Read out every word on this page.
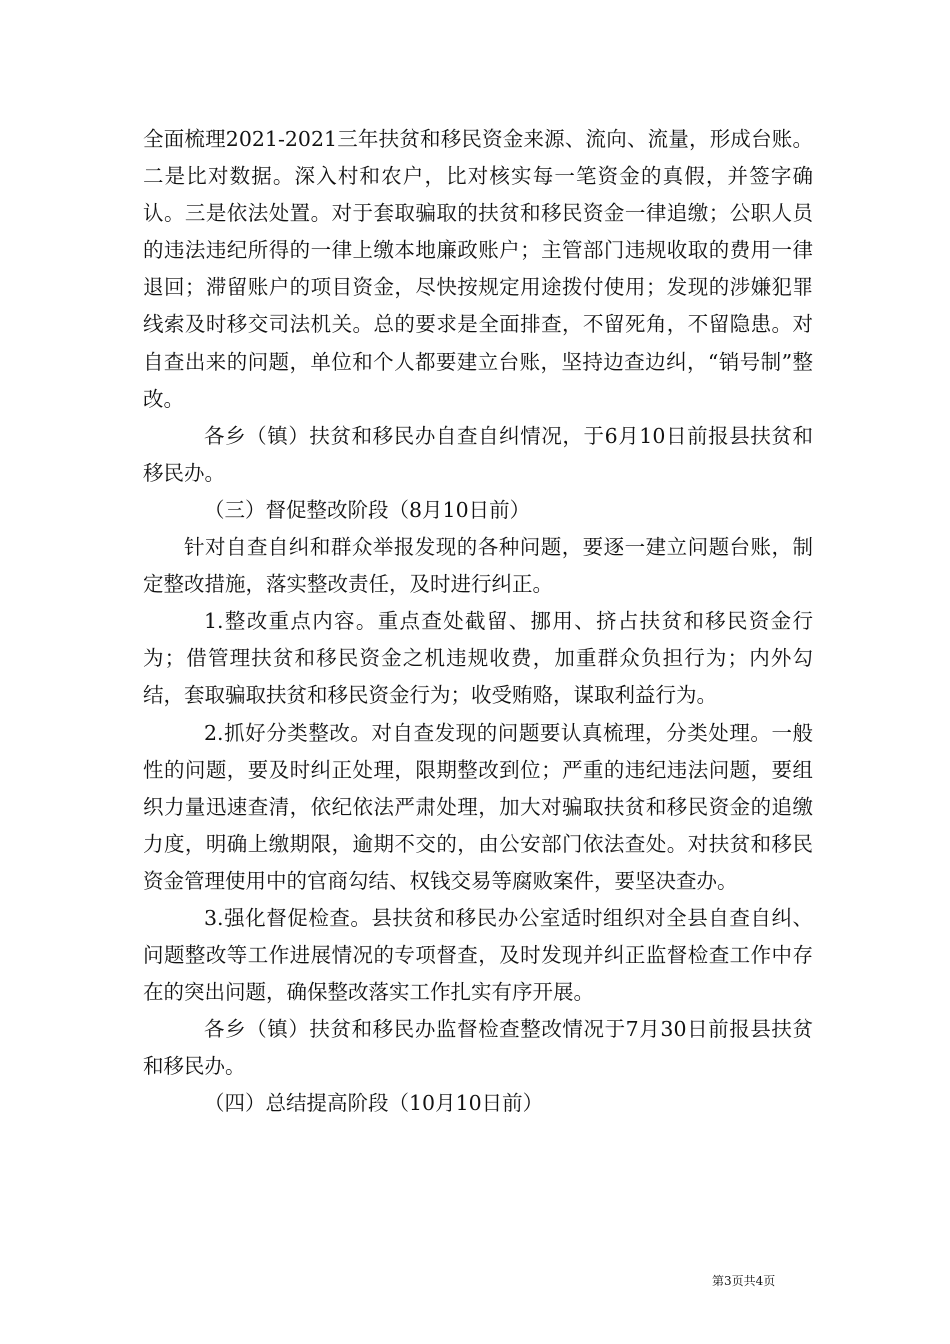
全面梳理2021-2021三年扶贫和移民资金来源、流向、流量，形成台账。二是比对数据。深入村和农户，比对核实每一笔资金的真假，并签字确认。三是依法处置。对于套取骗取的扶贫和移民资金一律追缴；公职人员的违法违纪所得的一律上缴本地廉政账户；主管部门违规收取的费用一律退回；滞留账户的项目资金，尽快按规定用途拨付使用；发现的涉嫌犯罪线索及时移交司法机关。总的要求是全面排查，不留死角，不留隐患。对自查出来的问题，单位和个人都要建立台账，坚持边查边纠，“销号制”整改。

各乡（镇）扶贫和移民办自查自纠情况，于6月10日前报县扶贫和移民办。

（三）督促整改阶段（8月10日前）

针对自查自纠和群众举报发现的各种问题，要逐一建立问题台账，制定整改措施，落实整改责任，及时进行纠正。

1.整改重点内容。重点查处截留、挪用、挤占扶贫和移民资金行为；借管理扶贫和移民资金之机违规收费，加重群众负担行为；内外勾结，套取骗取扶贫和移民资金行为；收受贿赂，谋取利益行为。

2.抓好分类整改。对自查发现的问题要认真梳理，分类处理。一般性的问题，要及时纠正处理，限期整改到位；严重的违纪违法问题，要组织力量迅速查清，依纪依法严肃处理，加大对骗取扶贫和移民资金的追缴力度，明确上缴期限，逾期不交的，由公安部门依法查处。对扶贫和移民资金管理使用中的官商勾结、权钱交易等腐败案件，要坚决查办。

3.强化督促检查。县扶贫和移民办公室适时组织对全县自查自纠、问题整改等工作进展情况的专项督查，及时发现并纠正监督检查工作中存在的突出问题，确保整改落实工作扎实有序开展。

各乡（镇）扶贫和移民办监督检查整改情况于7月30日前报县扶贫和移民办。

（四）总结提高阶段（10月10日前）

第3页共4页
